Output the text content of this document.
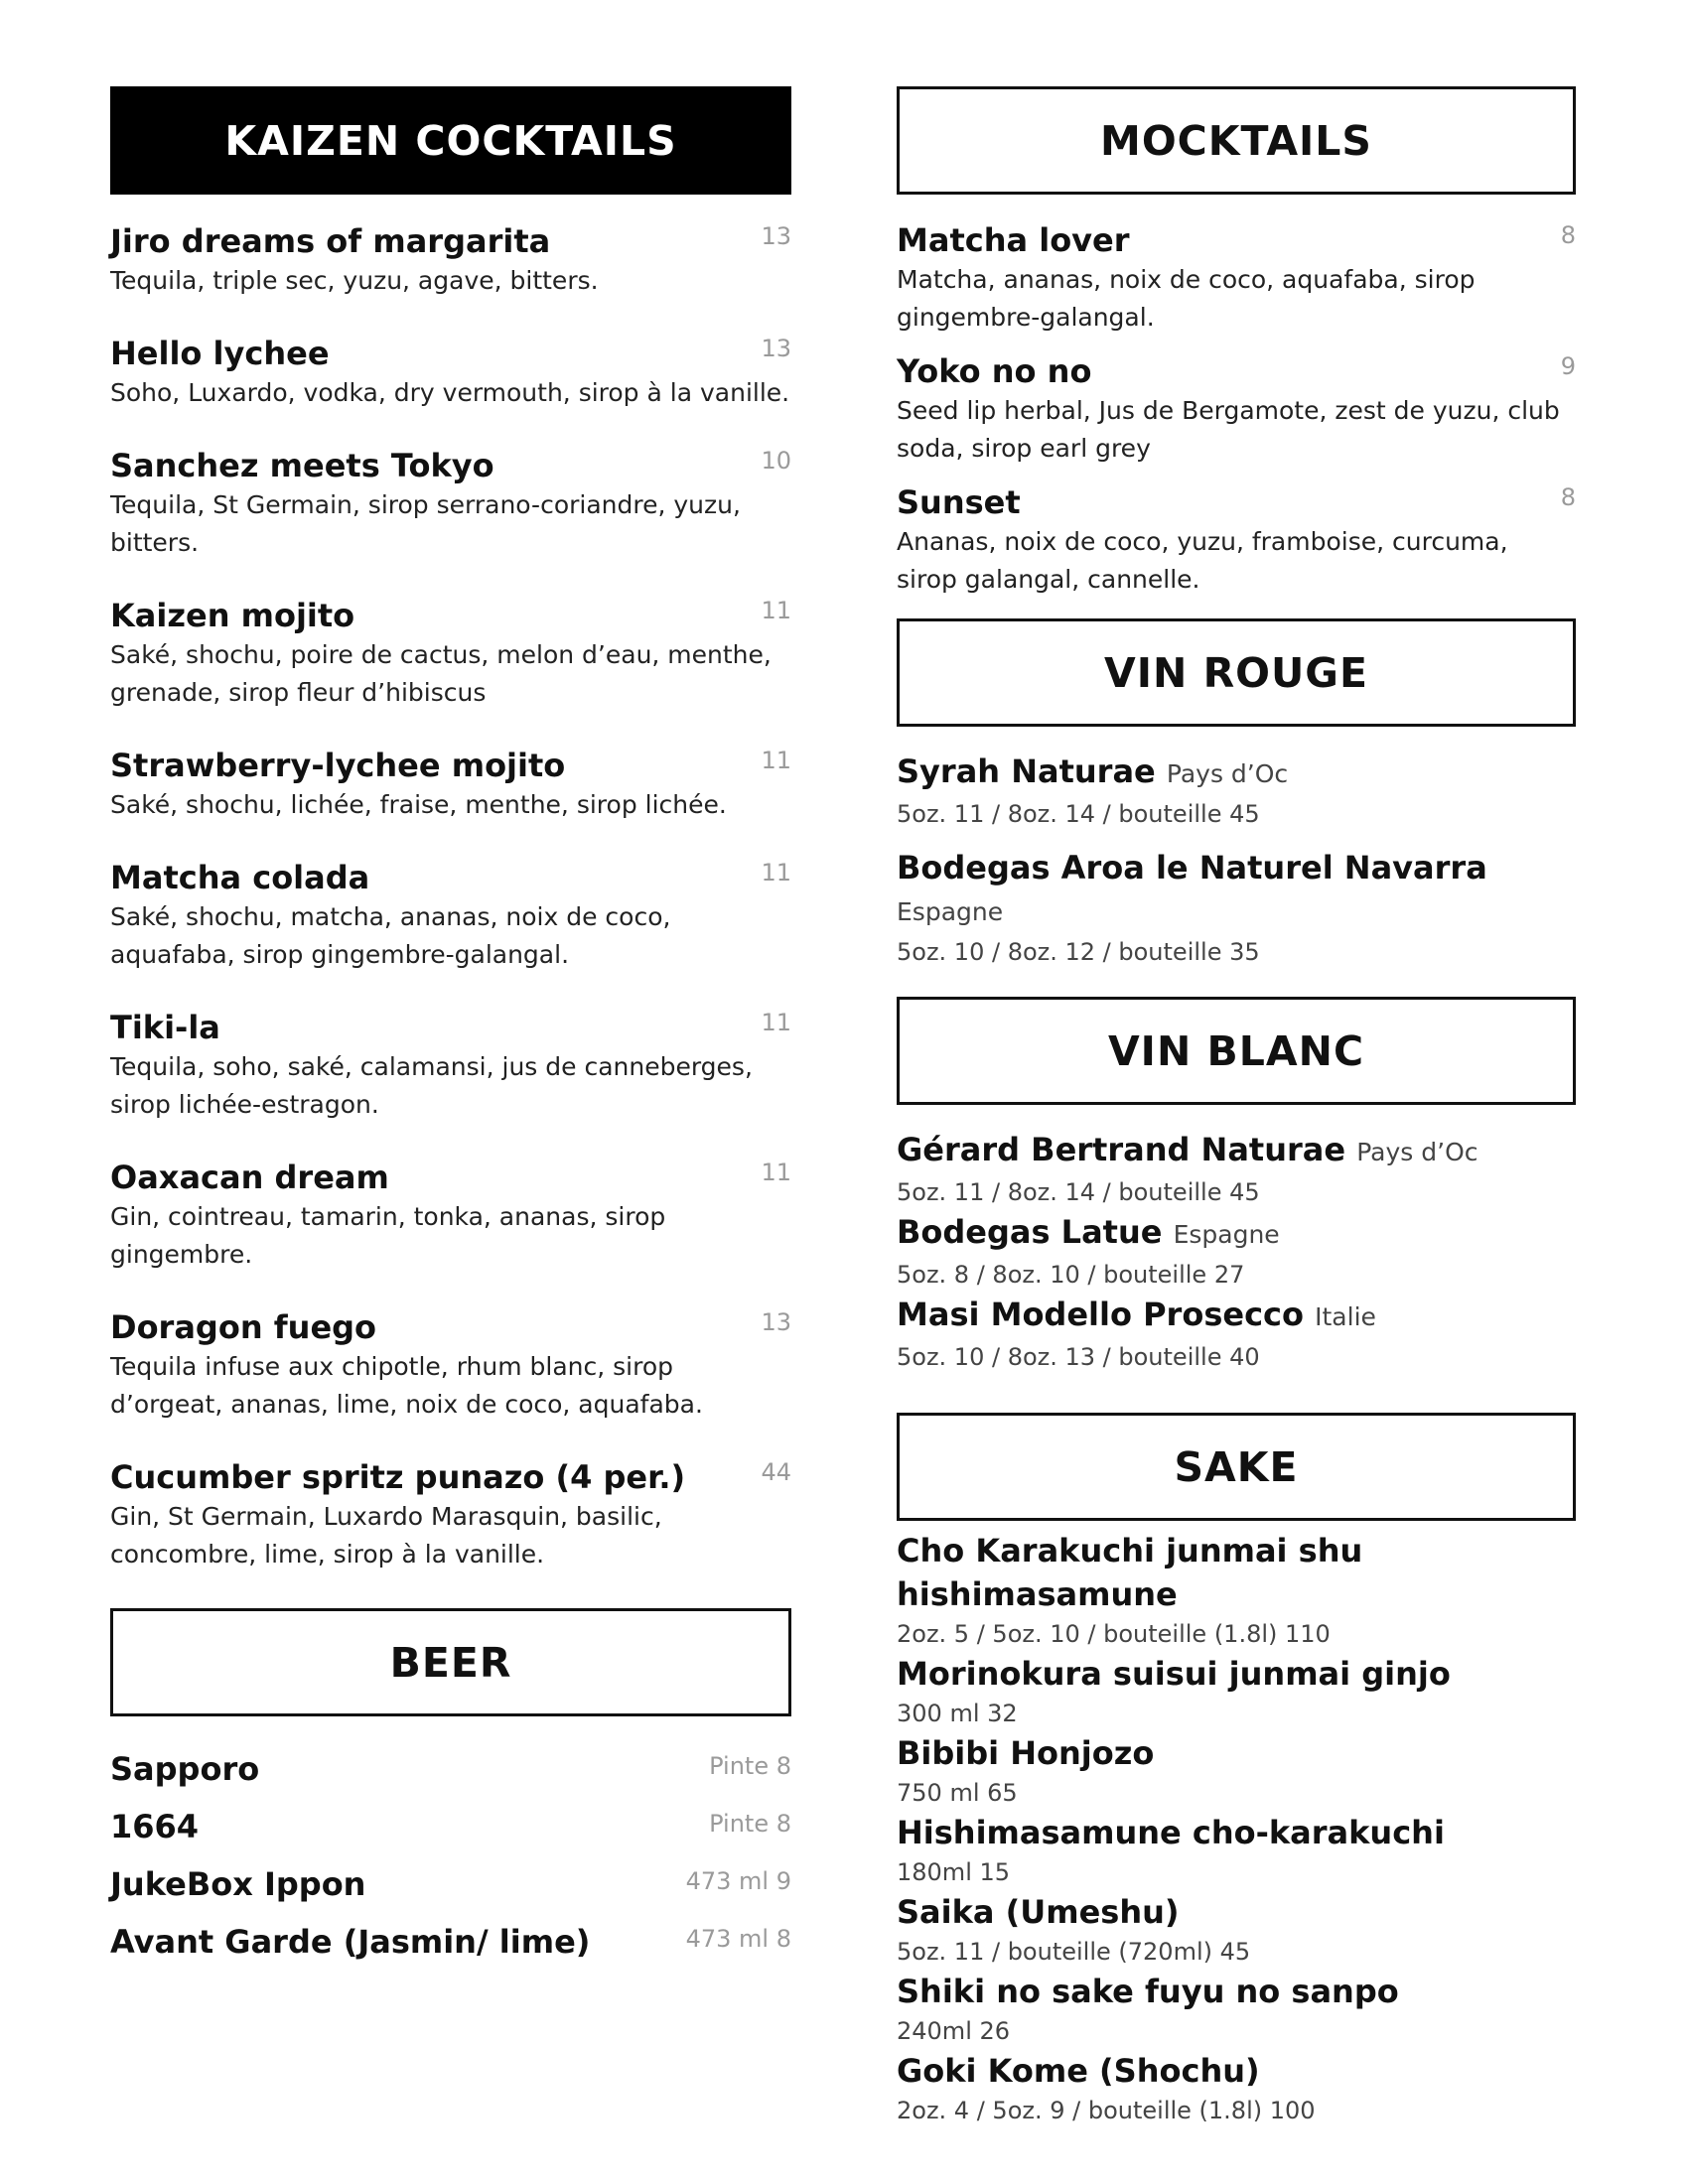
KAIZEN COCKTAILS
Jiro dreams of margarita	13
Tequila, triple sec, yuzu, agave, bitters.
Hello lychee	13
Soho, Luxardo, vodka, dry vermouth, sirop à la vanille.
Sanchez meets Tokyo	10
Tequila, St Germain, sirop serrano-coriandre, yuzu, bitters.
Kaizen mojito	11
Saké, shochu, poire de cactus, melon d’eau, menthe, grenade, sirop fleur d’hibiscus
Strawberry-lychee mojito	11
Saké, shochu, lichée, fraise, menthe, sirop lichée.
Matcha colada	11
Saké, shochu, matcha, ananas, noix de coco, aquafaba, sirop gingembre-galangal.
Tiki-la	11
Tequila, soho, saké, calamansi, jus de canneberges, sirop lichée-estragon.
Oaxacan dream	11
Gin, cointreau, tamarin, tonka, ananas, sirop gingembre.
Doragon fuego	13
Tequila infuse aux chipotle, rhum blanc, sirop d’orgeat, ananas, lime, noix de coco, aquafaba.
Cucumber spritz punazo (4 per.)	44
Gin, St Germain, Luxardo Marasquin, basilic, concombre, lime, sirop à la vanille.
BEER
Sapporo	Pinte 8
1664	Pinte 8
JukeBox Ippon	473 ml 9
Avant Garde (Jasmin/ lime)	473 ml 8
MOCKTAILS
Matcha lover	8
Matcha, ananas, noix de coco, aquafaba, sirop gingembre-galangal.
Yoko no no	9
Seed lip herbal, Jus de Bergamote, zest de yuzu, club soda, sirop earl grey
Sunset	8
Ananas, noix de coco, yuzu, framboise, curcuma, sirop galangal, cannelle.
VIN ROUGE
Syrah Naturae Pays d’Oc
5oz. 11 / 8oz. 14 / bouteille 45
Bodegas Aroa le Naturel Navarra Espagne
5oz. 10 / 8oz. 12 / bouteille 35
VIN BLANC
Gérard Bertrand Naturae Pays d’Oc
5oz. 11 / 8oz. 14 / bouteille 45
Bodegas Latue Espagne
5oz. 8 / 8oz. 10 / bouteille 27
Masi Modello Prosecco Italie
5oz. 10 / 8oz. 13 / bouteille 40
SAKE
Cho Karakuchi junmai shu hishimasamune
2oz. 5 / 5oz. 10 / bouteille (1.8l) 110
Morinokura suisui junmai ginjo
300 ml 32
Bibibi Honjozo
750 ml 65
Hishimasamune cho-karakuchi
180ml 15
Saika (Umeshu)
5oz. 11 / bouteille (720ml) 45
Shiki no sake fuyu no sanpo
240ml 26
Goki Kome (Shochu)
2oz. 4 / 5oz. 9 / bouteille (1.8l) 100
